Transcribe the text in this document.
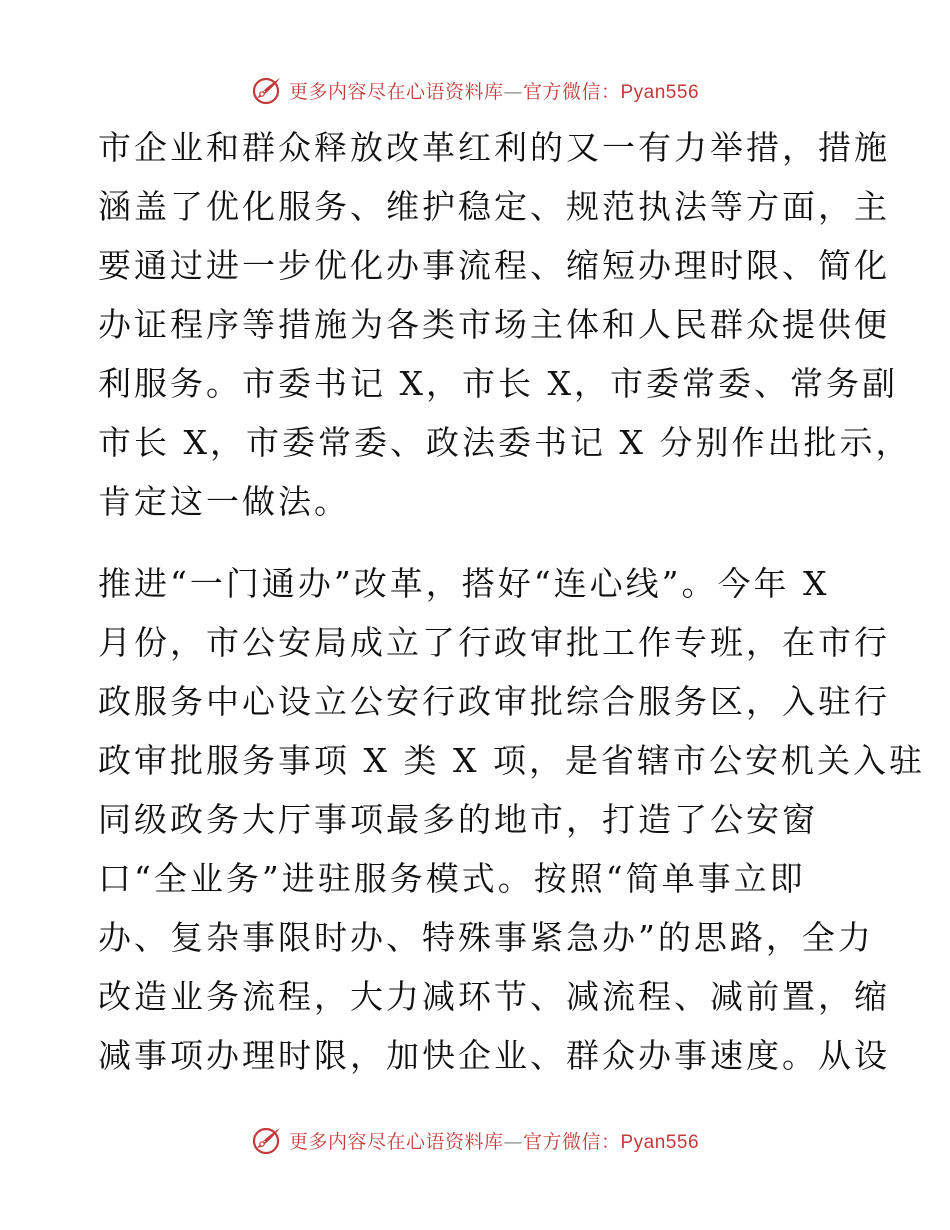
更多内容尽在心语资料库—官方微信：Pyan556
市企业和群众释放改革红利的又一有力举措，措施
涵盖了优化服务、维护稳定、规范执法等方面，主
要通过进一步优化办事流程、缩短办理时限、简化
办证程序等措施为各类市场主体和人民群众提供便
利服务。市委书记 X，市长 X，市委常委、常务副
市长 X，市委常委、政法委书记 X 分别作出批示，
肯定这一做法。
推进“一门通办”改革，搭好“连心线”。今年 X
月份，市公安局成立了行政审批工作专班，在市行
政服务中心设立公安行政审批综合服务区，入驻行
政审批服务事项 X 类 X 项，是省辖市公安机关入驻
同级政务大厅事项最多的地市，打造了公安窗
口“全业务”进驻服务模式。按照“简单事立即
办、复杂事限时办、特殊事紧急办”的思路，全力
改造业务流程，大力减环节、减流程、减前置，缩
减事项办理时限，加快企业、群众办事速度。从设
更多内容尽在心语资料库—官方微信：Pyan556
